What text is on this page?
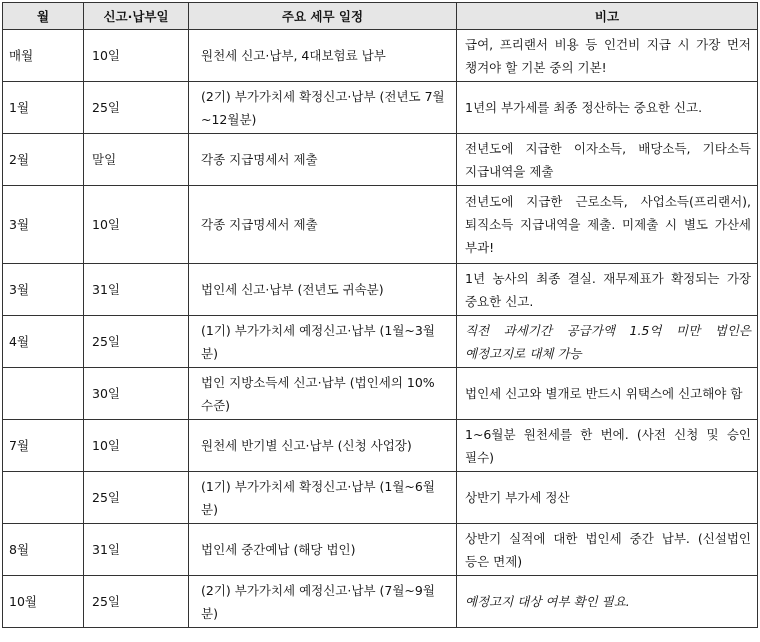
월	신고·납부일	주요 세무 일정	비고
매월	10일	원천세 신고·납부, 4대보험료 납부	급여, 프리랜서 비용 등 인건비 지급 시 가장 먼저 챙겨야 할 기본 중의 기본!
1월	25일	(2기) 부가가치세 확정신고·납부 (전년도 7월~12월분)	1년의 부가세를 최종 정산하는 중요한 신고.
2월	말일	각종 지급명세서 제출	전년도에 지급한 이자소득, 배당소득, 기타소득 지급내역을 제출
3월	10일	각종 지급명세서 제출	전년도에 지급한 근로소득, 사업소득(프리랜서), 퇴직소득 지급내역을 제출. 미제출 시 별도 가산세 부과!
3월	31일	법인세 신고·납부 (전년도 귀속분)	1년 농사의 최종 결실. 재무제표가 확정되는 가장 중요한 신고.
4월	25일	(1기) 부가가치세 예정신고·납부 (1월~3월분)	직전 과세기간 공급가액 1.5억 미만 법인은 예정고지로 대체 가능
	30일	법인 지방소득세 신고·납부 (법인세의 10% 수준)	법인세 신고와 별개로 반드시 위택스에 신고해야 함
7월	10일	원천세 반기별 신고·납부 (신청 사업장)	1~6월분 원천세를 한 번에. (사전 신청 및 승인 필수)
	25일	(1기) 부가가치세 확정신고·납부 (1월~6월분)	상반기 부가세 정산
8월	31일	법인세 중간예납 (해당 법인)	상반기 실적에 대한 법인세 중간 납부. (신설법인 등은 면제)
10월	25일	(2기) 부가가치세 예정신고·납부 (7월~9월분)	예정고지 대상 여부 확인 필요.
